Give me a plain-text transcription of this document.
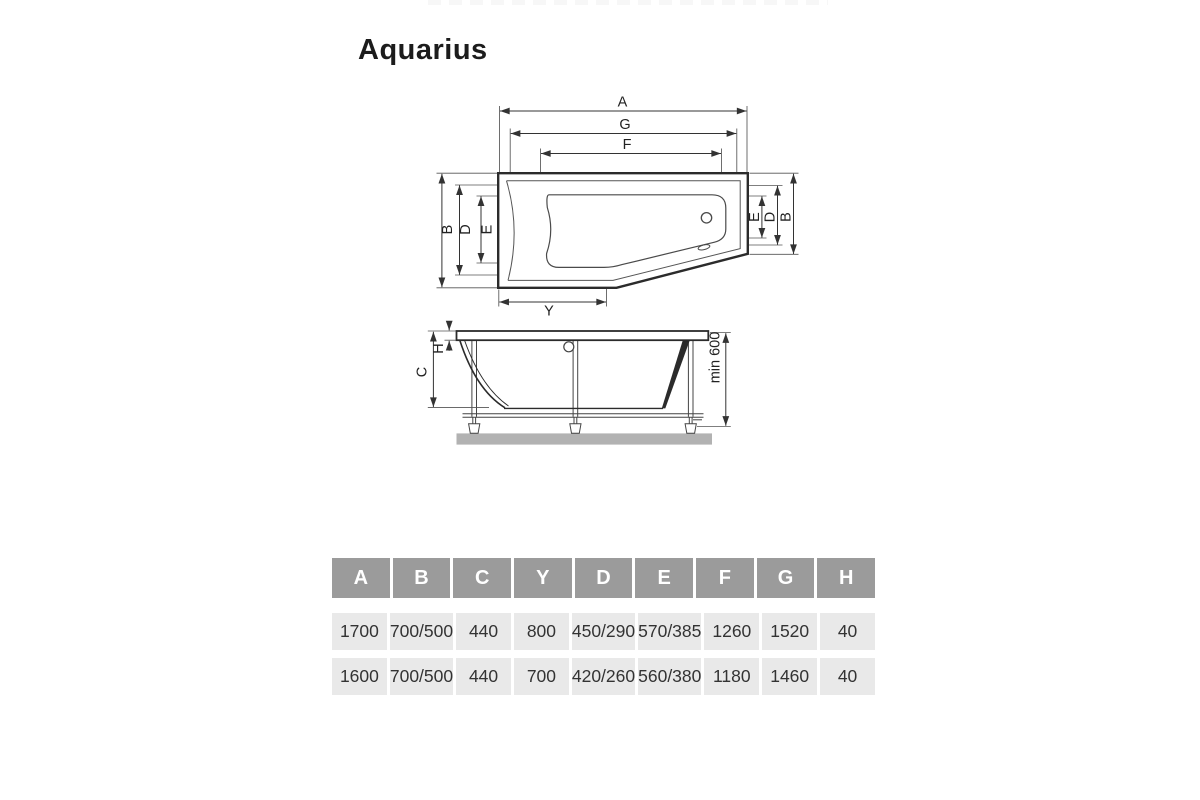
Aquarius
A
G
F
B D E
E D B
Y
H
C	min 600
A	B	C	Y	D	E	F	G	H
1700 700/500 440	800 450/290 570/385 1260	1520	40
1600 700/500 440	700 420/260 560/380 1180	1460	40
